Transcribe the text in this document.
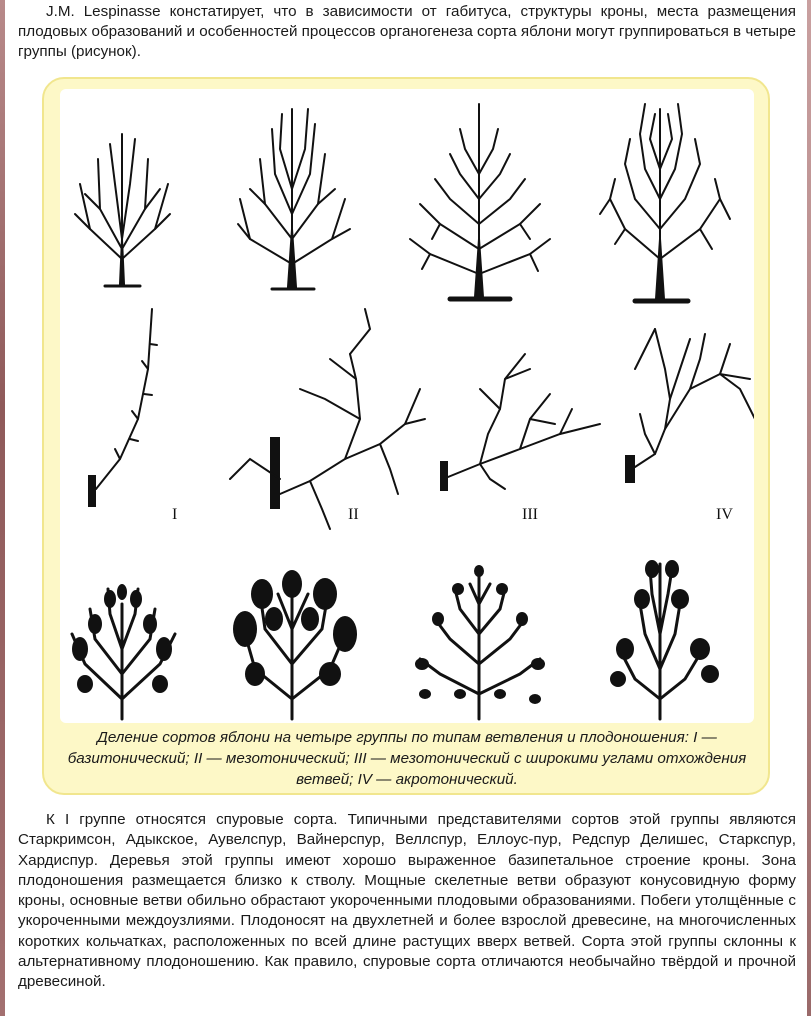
J.M. Lespinasse констатирует, что в зависимости от габитуса, структуры кроны, места размещения плодовых образований и особенностей процессов органогенеза сорта яблони могут группироваться в четыре группы (рисунок).

I	II	III	IV

Деление сортов яблони на четыре группы по типам ветвления и плодоношения: I — базитонический; II — мезотонический; III — мезотонический с широкими углами отхождения ветвей; IV — акротонический.

К I группе относятся спуровые сорта. Типичными представителями сортов этой группы являются Старкримсон, Адыкское, Аувелспур, Вайнерспур, Веллспур, Еллоус-пур, Редспур Делишес, Старкспур, Хардиспур. Деревья этой группы имеют хорошо выраженное базипетальное строение кроны. Зона плодоношения размещается близко к стволу. Мощные скелетные ветви образуют конусовидную форму кроны, основные ветви обильно обрастают укороченными плодовыми образованиями. Побеги утолщённые с укороченными междоузлиями. Плодоносят на двухлетней и более взрослой древесине, на многочисленных коротких кольчатках, расположенных по всей длине растущих вверх ветвей. Сорта этой группы склонны к альтернативному плодоношению. Как правило, спуровые сорта отличаются необычайно твёрдой и прочной древесиной.
